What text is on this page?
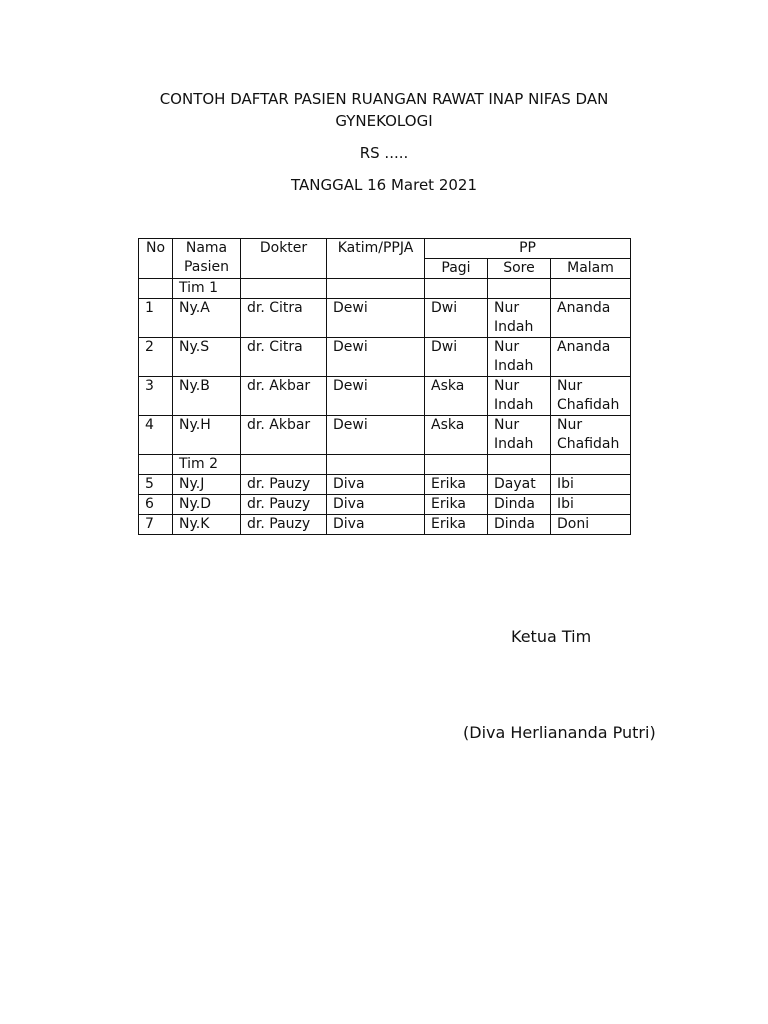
CONTOH DAFTAR PASIEN RUANGAN RAWAT INAP NIFAS DAN
GYNEKOLOGI
RS .....
TANGGAL 16 Maret 2021
No	Nama Pasien	Dokter	Katim/PPJA	PP		
				Pagi	Sore	Malam
	Tim 1					
1	Ny.A	dr. Citra	Dewi	Dwi	Nur Indah	Ananda
2	Ny.S	dr. Citra	Dewi	Dwi	Nur Indah	Ananda
3	Ny.B	dr. Akbar	Dewi	Aska	Nur Indah	Nur Chafidah
4	Ny.H	dr. Akbar	Dewi	Aska	Nur Indah	Nur Chafidah
	Tim 2					
5	Ny.J	dr. Pauzy	Diva	Erika	Dayat	Ibi
6	Ny.D	dr. Pauzy	Diva	Erika	Dinda	Ibi
7	Ny.K	dr. Pauzy	Diva	Erika	Dinda	Doni
Ketua Tim
(Diva Herliananda Putri)
